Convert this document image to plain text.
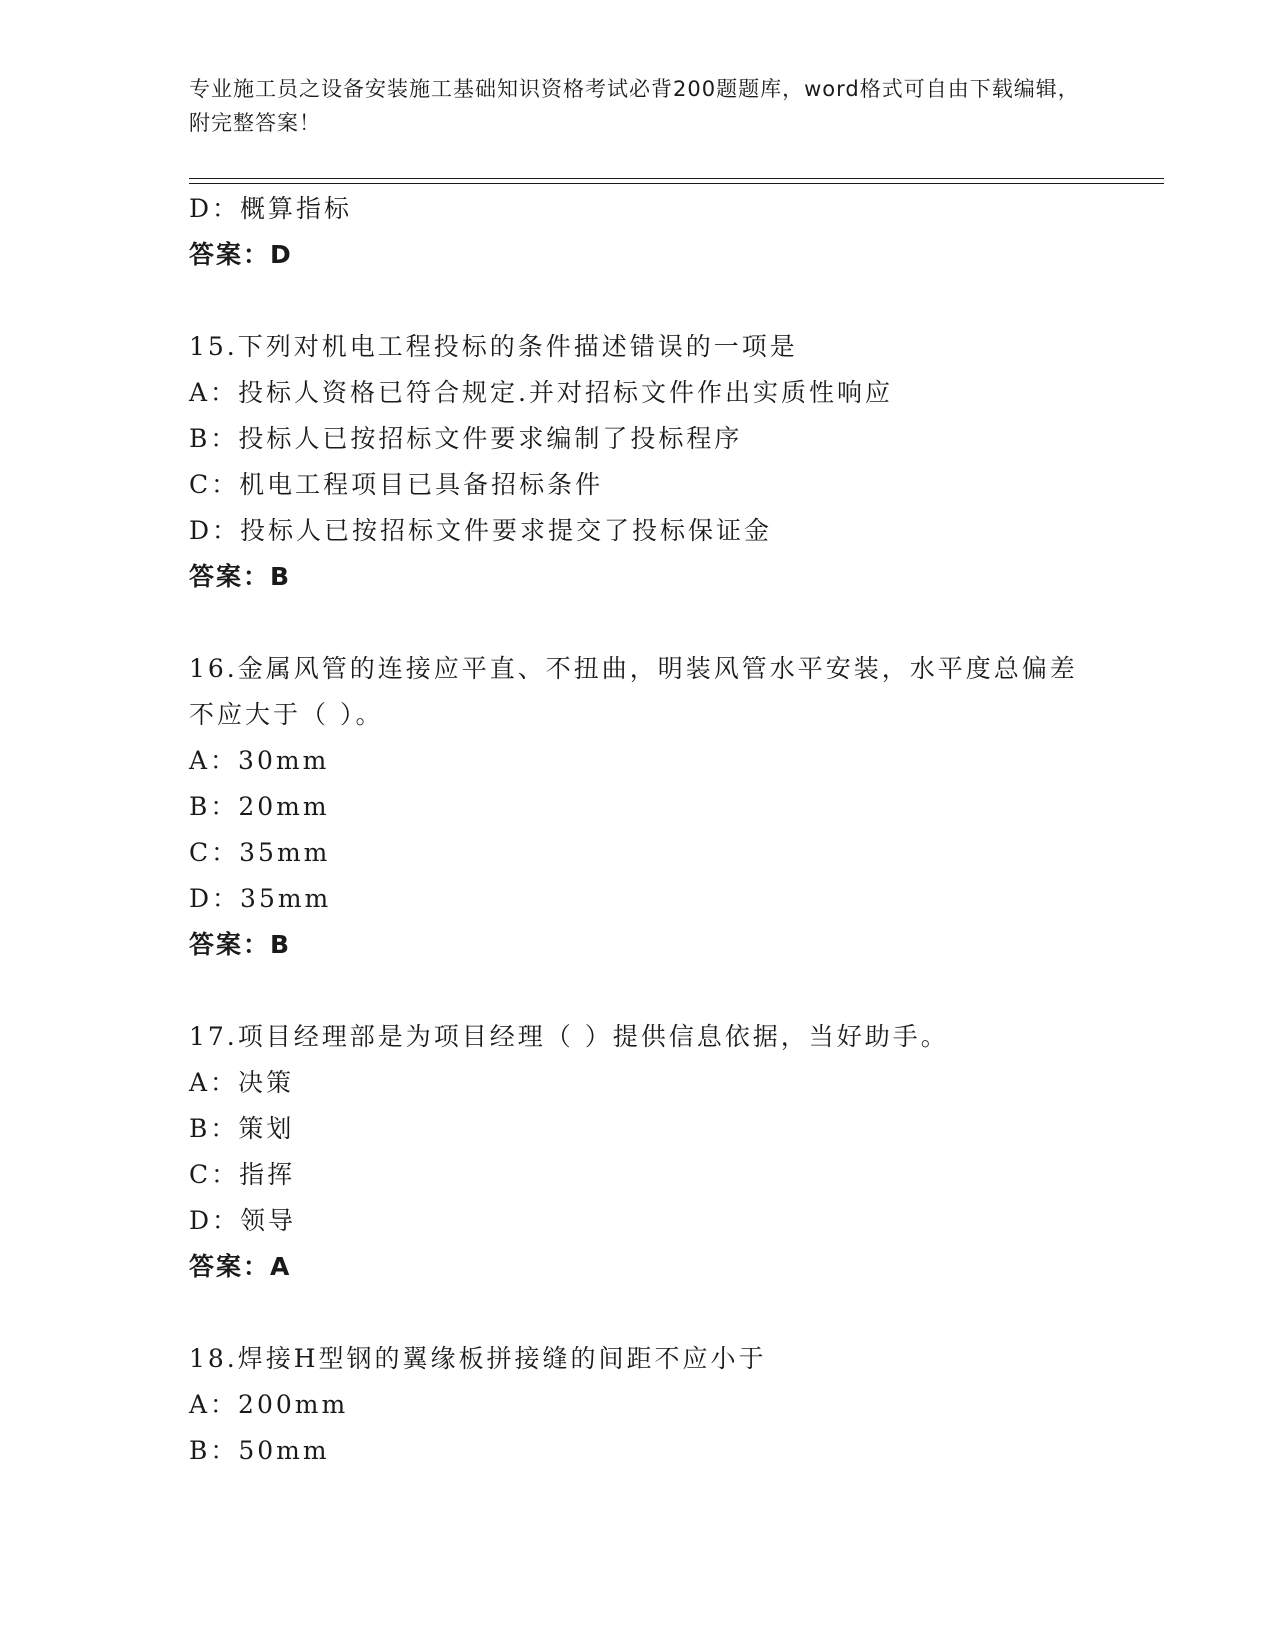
专业施工员之设备安装施工基础知识资格考试必背200题题库，word格式可自由下载编辑，附完整答案！
D：概算指标
答案：D
15.下列对机电工程投标的条件描述错误的一项是
A：投标人资格已符合规定.并对招标文件作出实质性响应
B：投标人已按招标文件要求编制了投标程序
C：机电工程项目已具备招标条件
D：投标人已按招标文件要求提交了投标保证金
答案：B
16.金属风管的连接应平直、不扭曲，明装风管水平安装，水平度总偏差不应大于（ ）。
A：30mm
B：20mm
C：35mm
D：35mm
答案：B
17.项目经理部是为项目经理（ ）提供信息依据，当好助手。
A：决策
B：策划
C：指挥
D：领导
答案：A
18.焊接H型钢的翼缘板拼接缝的间距不应小于
A：200mm
B：50mm
